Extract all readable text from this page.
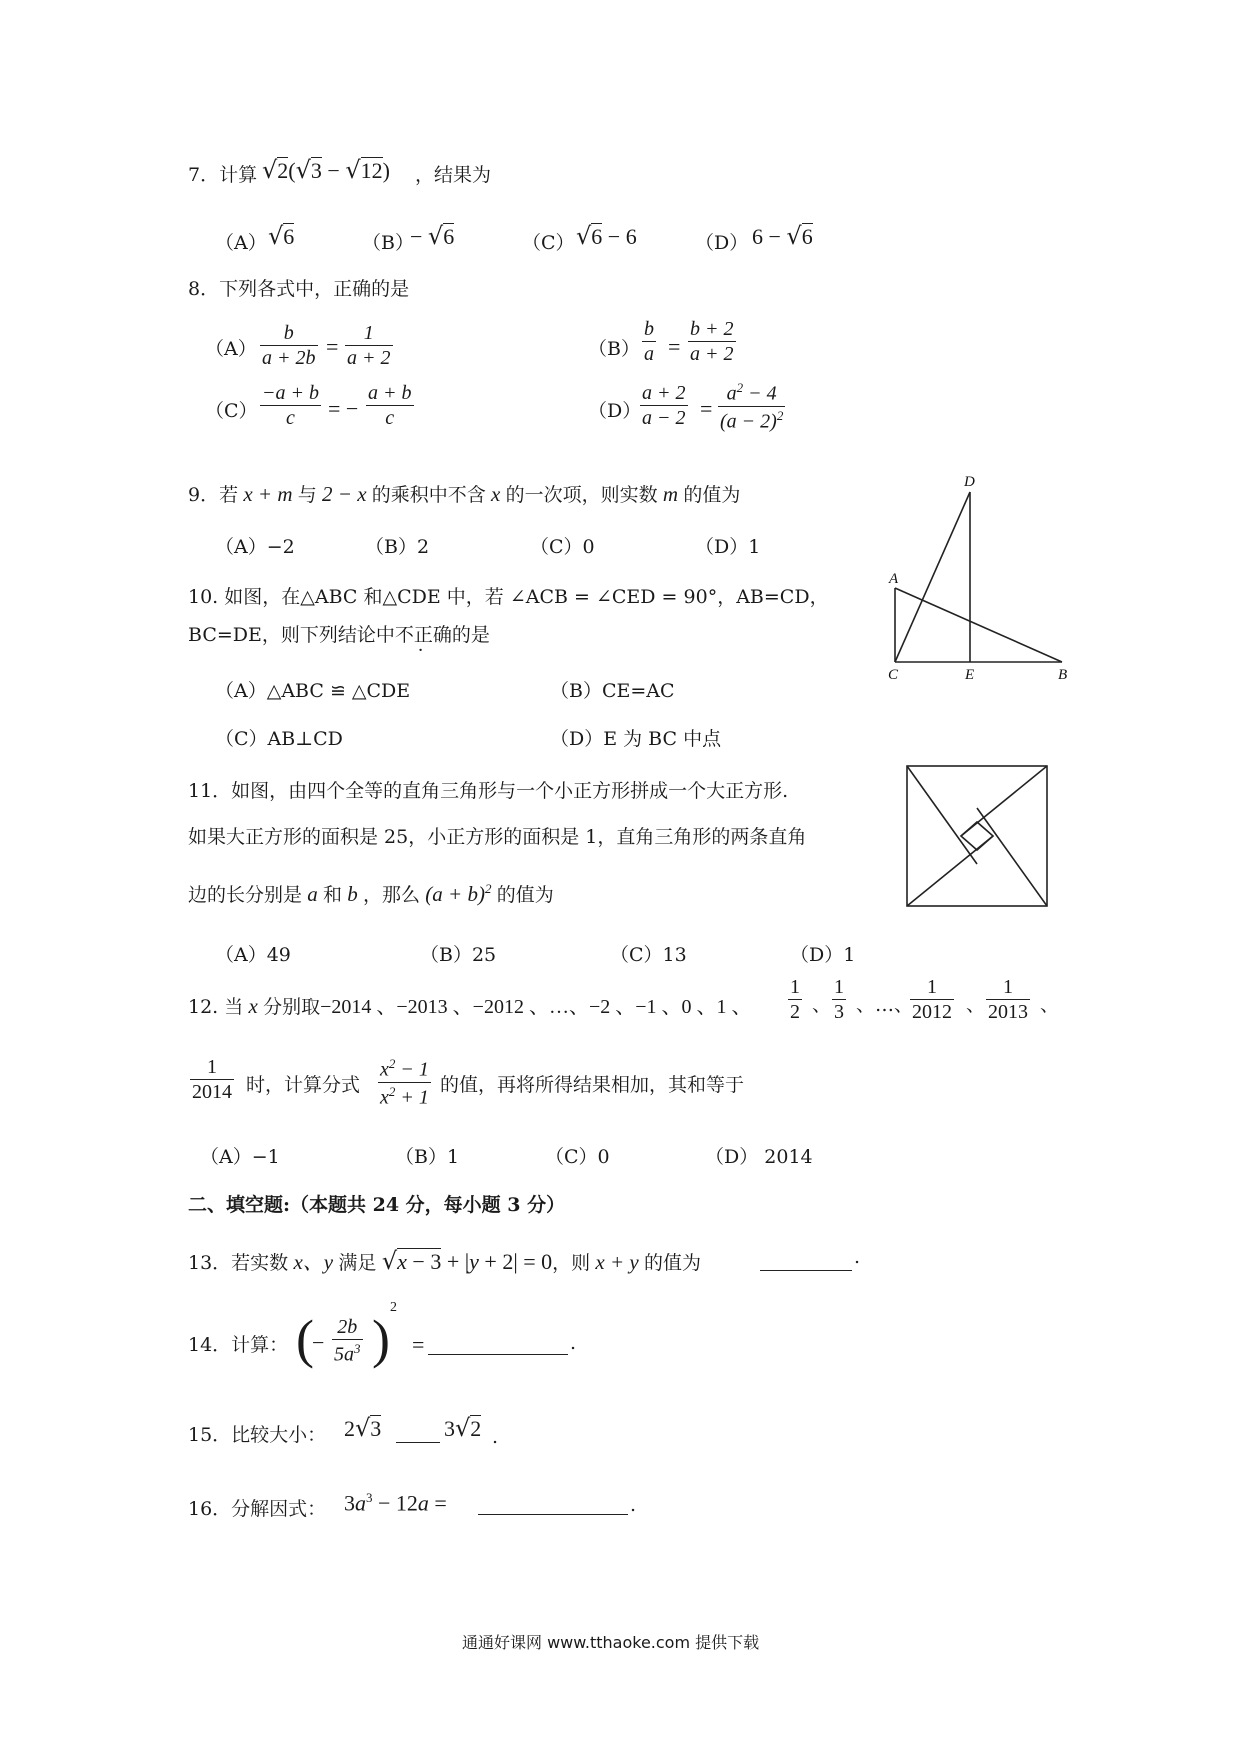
7．计算 √2(√3 − √12) ，结果为
（A） √6	（B）
− √6	（C） √6 − 6	（D） 6 − √6
8．下列各式中，正确的是
$(A) \frac{b}{a + 2b} = \frac{1}{a + 2}$	$(B) \frac{b}{a} = \frac{b + 2}{a + 2}$
$(C) \frac{-a + b}{c}$ = − $\frac{a + b}{c}$	（D）
$\frac{a + 2}{a - 2} = \frac{a^2 - 4}{(a - 2)^2}$
9．若 x + m 与 2 − x 的乘积中不含 x 的一次项，则实数 m 的值为
（A）−2	（B）2	（C）0	（D）1
10. 如图，在△ABC 和△CDE 中，若 ∠ACB = ∠CED = 90°，AB=CD，
BC=DE，则下列结论中不正确的是
（A）△ABC ≌ △CDE	（B）CE=AC
（C）AB⊥CD	（D）E 为 BC 中点
D
A
C	E	B
11．如图，由四个全等的直角三角形与一个小正方形拼成一个大正方形.
如果大正方形的面积是 25，小正方形的面积是 1，直角三角形的两条直角
边的长分别是 a 和 b ，那么 $(a + b)^2$ 的值为
（A）49	（B）25	（C）13	（D）1
12. 当 x 分别取−2014 、−2013 、−2012 、…、−2 、−1 、0 、1 、 $\frac{1}{2}$ 、 $\frac{1}{3}$ 、…、
$\frac{1}{2012}$ 、 $\frac{1}{2013}$ 、
$\frac{1}{2014}$ 时，计算分式 $\frac{x^2 - 1}{x^2 + 1}$ 的值，再将所得结果相加，其和等于
（A）−1	（B）1	（C）0	（D） 2014
二、填空题:（本题共 24 分，每小题 3 分）
13．若实数 x、y 满足 √x − 3 + |y + 2| = 0，则 x + y 的值为	.
14．计算： (
− $\frac{2b}{5a^3}$ )
2
=	.
15．比较大小： 2√3	3√2 .
16．分解因式： $3a^3 - 12a$ =	.
通通好课网 www.tthaoke.com 提供下载
